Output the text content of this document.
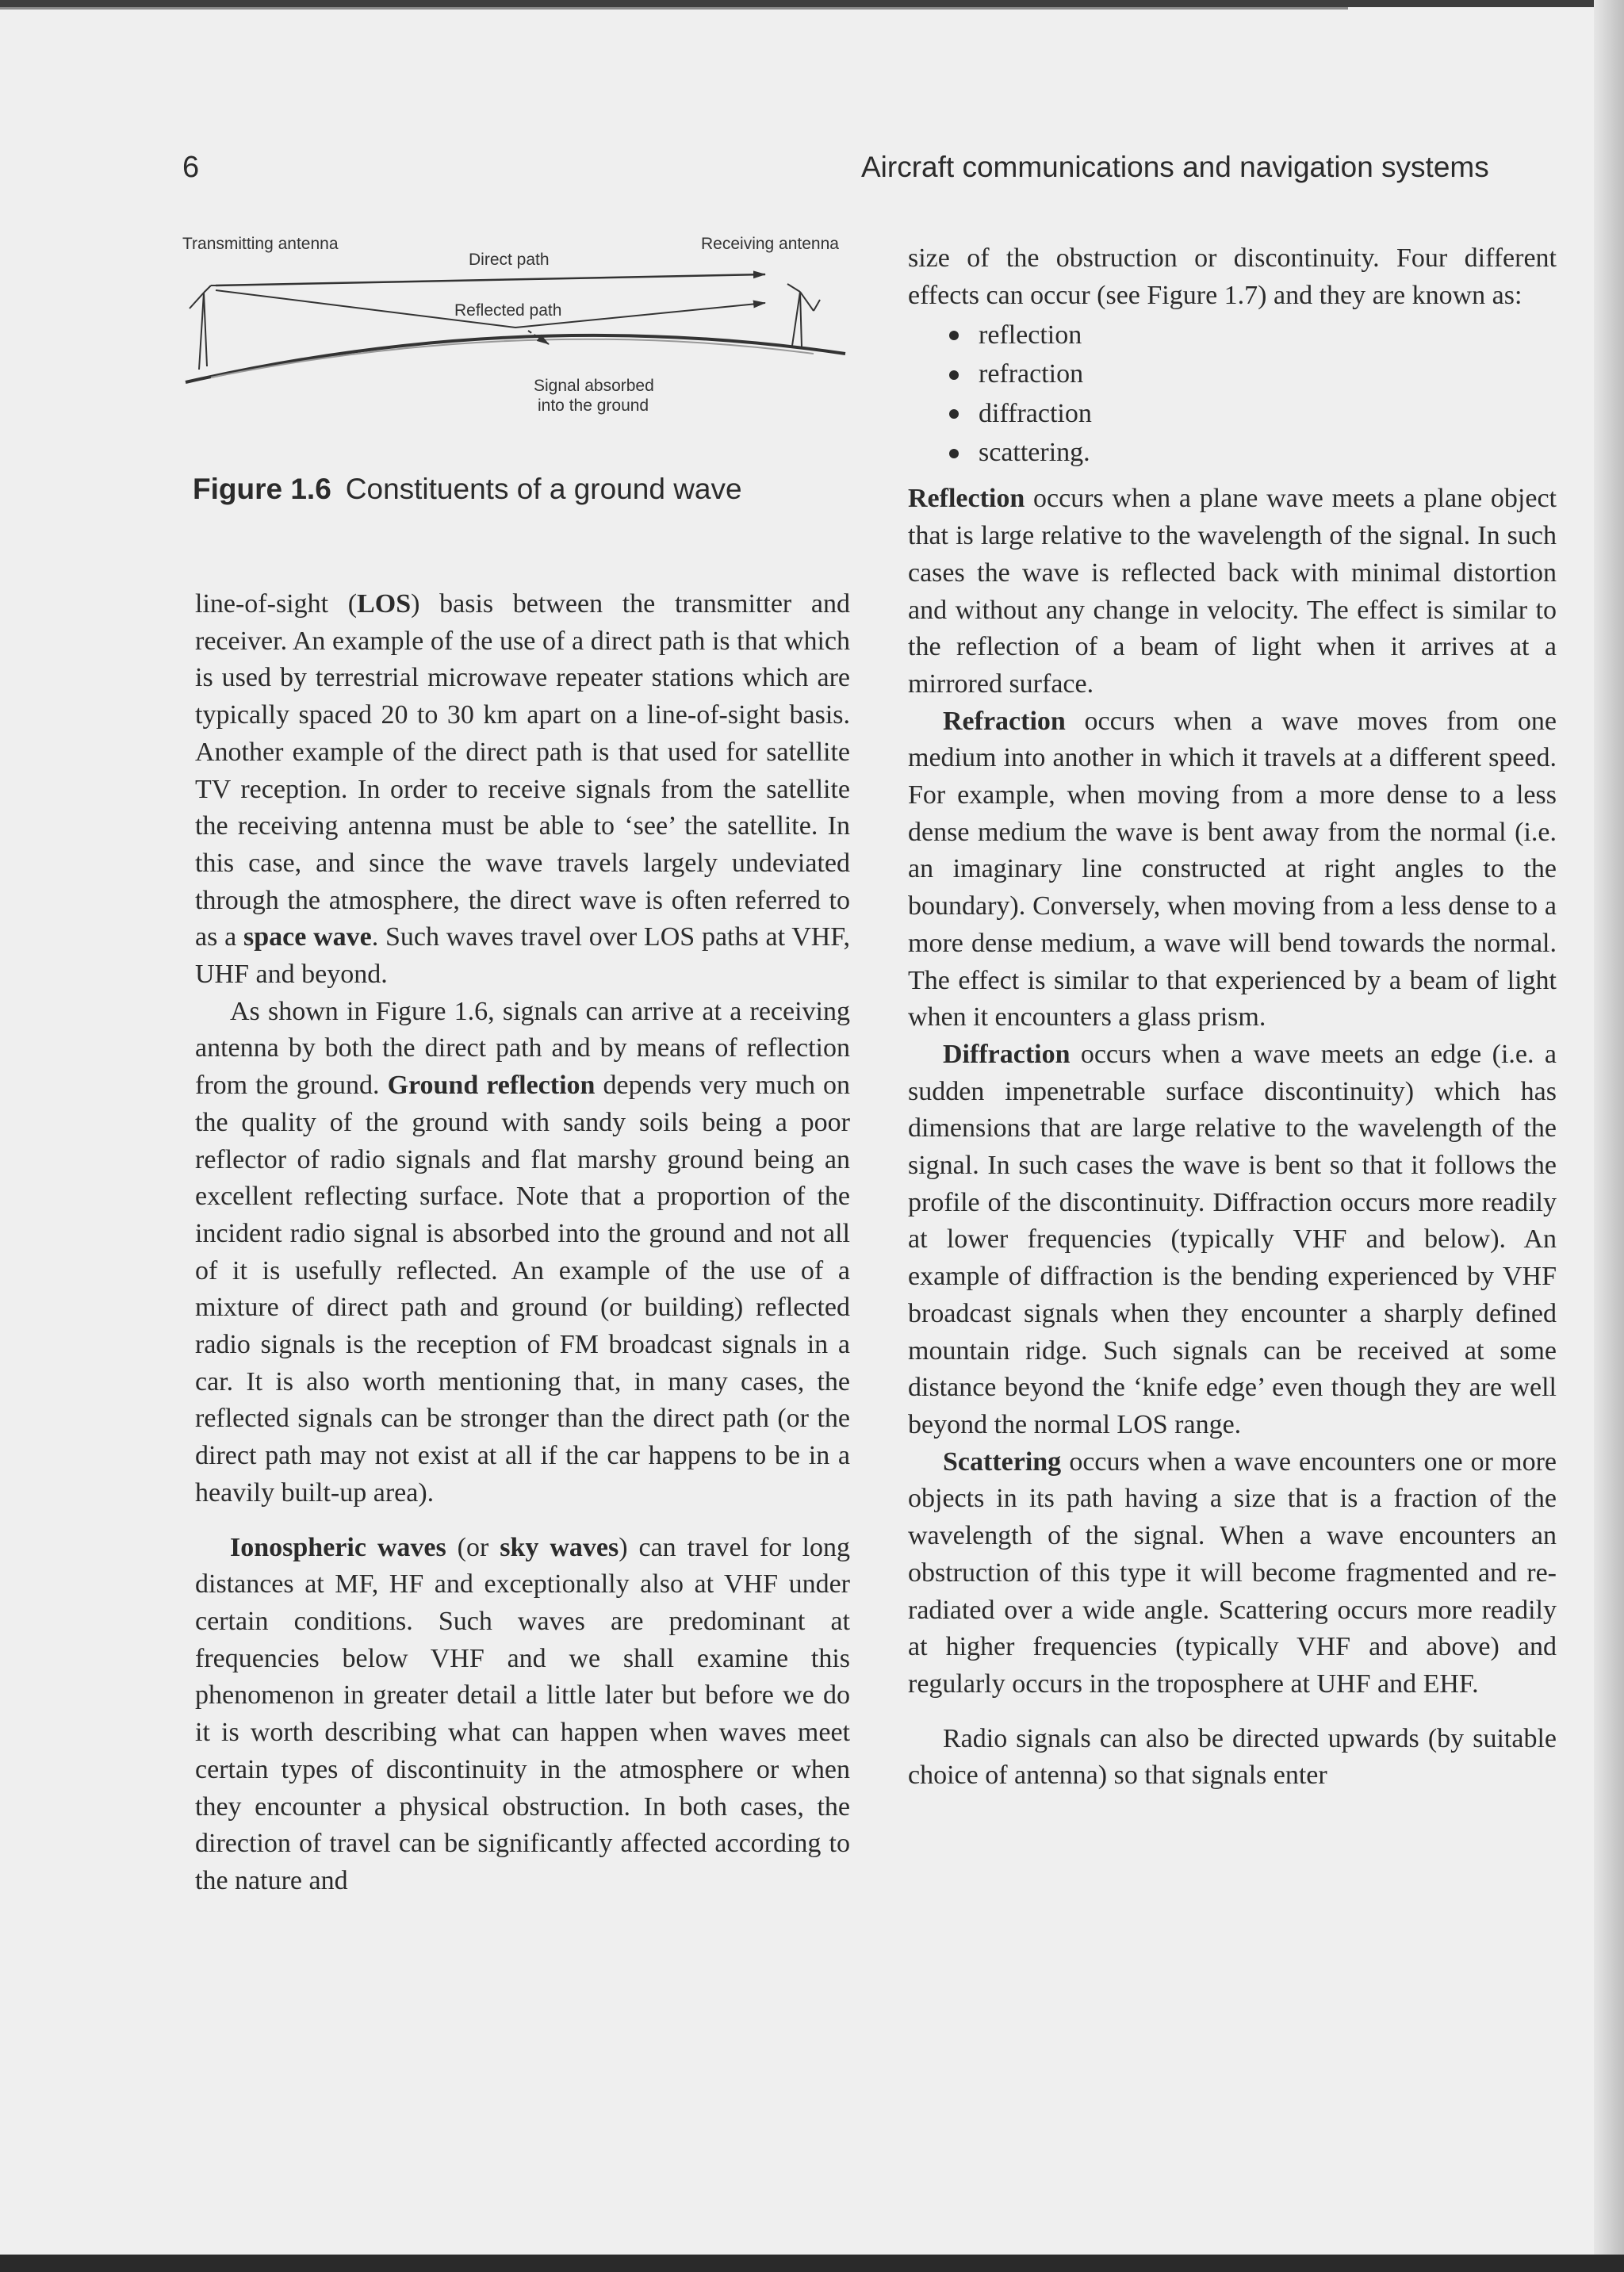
6	Aircraft communications and navigation systems
Transmitting antenna	Receiving antenna
Direct path
Reflected path
Signal absorbed
into the ground
Figure 1.6 Constituents of a ground wave

line-of-sight (LOS) basis between the transmitter and receiver. An example of the use of a direct path is that which is used by terrestrial microwave repeater stations which are typically spaced 20 to 30 km apart on a line-of-sight basis. Another example of the direct path is that used for satellite TV reception. In order to receive signals from the satellite the receiving antenna must be able to ‘see’ the satellite. In this case, and since the wave travels largely undeviated through the atmosphere, the direct wave is often referred to as a space wave. Such waves travel over LOS paths at VHF, UHF and beyond.

As shown in Figure 1.6, signals can arrive at a receiving antenna by both the direct path and by means of reflection from the ground. Ground reflection depends very much on the quality of the ground with sandy soils being a poor reflector of radio signals and flat marshy ground being an excellent reflecting surface. Note that a proportion of the incident radio signal is absorbed into the ground and not all of it is usefully reflected. An example of the use of a mixture of direct path and ground (or building) reflected radio signals is the reception of FM broadcast signals in a car. It is also worth mentioning that, in many cases, the reflected signals can be stronger than the direct path (or the direct path may not exist at all if the car happens to be in a heavily built-up area).

Ionospheric waves (or sky waves) can travel for long distances at MF, HF and exceptionally also at VHF under certain conditions. Such waves are predominant at frequencies below VHF and we shall examine this phenomenon in greater detail a little later but before we do it is worth describing what can happen when waves meet certain types of discontinuity in the atmosphere or when they encounter a physical obstruction. In both cases, the direction of travel can be significantly affected according to the nature and

size of the obstruction or discontinuity. Four different effects can occur (see Figure 1.7) and they are known as:

reflection
refraction
diffraction
scattering.

Reflection occurs when a plane wave meets a plane object that is large relative to the wavelength of the signal. In such cases the wave is reflected back with minimal distortion and without any change in velocity. The effect is similar to the reflection of a beam of light when it arrives at a mirrored surface.

Refraction occurs when a wave moves from one medium into another in which it travels at a different speed. For example, when moving from a more dense to a less dense medium the wave is bent away from the normal (i.e. an imaginary line constructed at right angles to the boundary). Conversely, when moving from a less dense to a more dense medium, a wave will bend towards the normal. The effect is similar to that experienced by a beam of light when it encounters a glass prism.

Diffraction occurs when a wave meets an edge (i.e. a sudden impenetrable surface discontinuity) which has dimensions that are large relative to the wavelength of the signal. In such cases the wave is bent so that it follows the profile of the discontinuity. Diffraction occurs more readily at lower frequencies (typically VHF and below). An example of diffraction is the bending experienced by VHF broadcast signals when they encounter a sharply defined mountain ridge. Such signals can be received at some distance beyond the ‘knife edge’ even though they are well beyond the normal LOS range.

Scattering occurs when a wave encounters one or more objects in its path having a size that is a fraction of the wavelength of the signal. When a wave encounters an obstruction of this type it will become fragmented and re-radiated over a wide angle. Scattering occurs more readily at higher frequencies (typically VHF and above) and regularly occurs in the troposphere at UHF and EHF.

Radio signals can also be directed upwards (by suitable choice of antenna) so that signals enter
